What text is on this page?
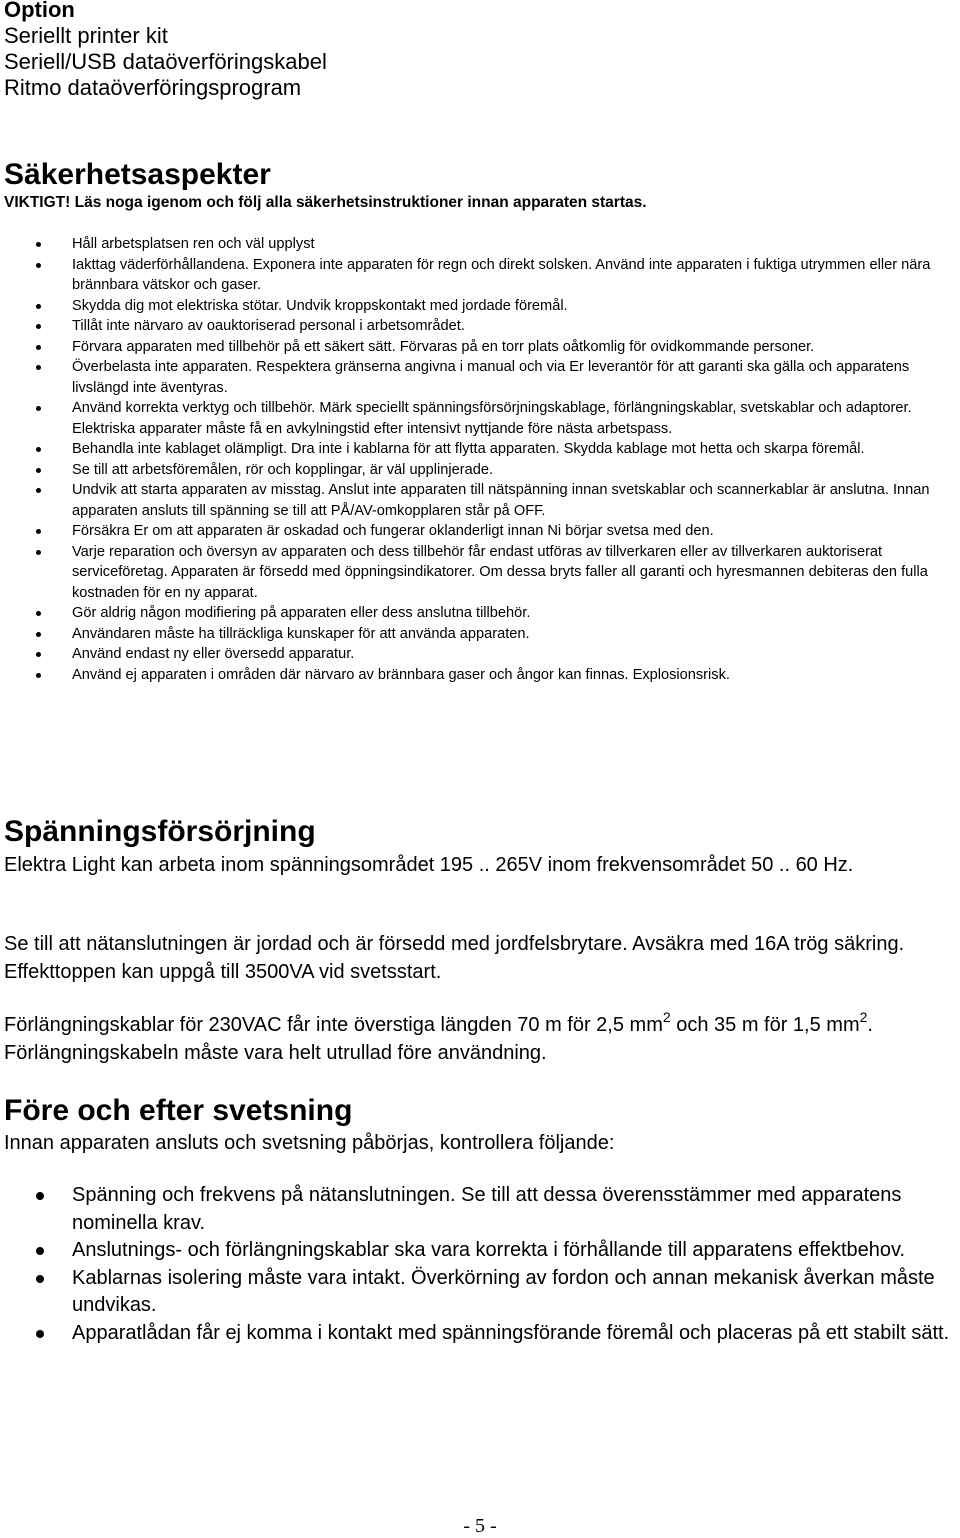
Option
Seriellt printer kit
Seriell/USB dataöverföringskabel
Ritmo dataöverföringsprogram
Säkerhetsaspekter
VIKTIGT! Läs noga igenom och följ alla säkerhetsinstruktioner innan apparaten startas.
Håll arbetsplatsen ren och väl upplyst
Iakttag väderförhållandena. Exponera inte apparaten för regn och direkt solsken. Använd inte apparaten i fuktiga utrymmen eller nära brännbara vätskor och gaser.
Skydda dig mot elektriska stötar. Undvik kroppskontakt med jordade föremål.
Tillåt inte närvaro av oauktoriserad personal i arbetsområdet.
Förvara apparaten med tillbehör på ett säkert sätt. Förvaras på en torr plats oåtkomlig för ovidkommande personer.
Överbelasta inte apparaten. Respektera gränserna angivna i manual och via Er leverantör för att garanti ska gälla och apparatens livslängd inte äventyras.
Använd korrekta verktyg och tillbehör. Märk speciellt spänningsförsörjningskablage, förlängningskablar, svetskablar och adaptorer. Elektriska apparater måste få en avkylningstid efter intensivt nyttjande före nästa arbetspass.
Behandla inte kablaget olämpligt. Dra inte i kablarna för att flytta apparaten. Skydda kablage mot hetta och skarpa föremål.
Se till att arbetsföremålen, rör och kopplingar, är väl upplinjerade.
Undvik att starta apparaten av misstag. Anslut inte apparaten till nätspänning innan svetskablar och scannerkablar är anslutna. Innan apparaten ansluts till spänning se till att PÅ/AV-omkopplaren står på OFF.
Försäkra Er om att apparaten är oskadad och fungerar oklanderligt innan Ni börjar svetsa med den.
Varje reparation och översyn av apparaten och dess tillbehör får endast utföras av tillverkaren eller av tillverkaren auktoriserat serviceföretag. Apparaten är försedd med öppningsindikatorer. Om dessa bryts faller all garanti och hyresmannen debiteras den fulla kostnaden för en ny apparat.
Gör aldrig någon modifiering på apparaten eller dess anslutna tillbehör.
Användaren måste ha tillräckliga kunskaper för att använda apparaten.
Använd endast ny eller översedd apparatur.
Använd ej apparaten i områden där närvaro av brännbara gaser och ångor kan finnas. Explosionsrisk.
Spänningsförsörjning
Elektra Light kan arbeta inom spänningsområdet 195 .. 265V inom frekvensområdet 50 .. 60 Hz.
Se till att nätanslutningen är jordad och är försedd med jordfelsbrytare. Avsäkra med 16A trög säkring. Effekttoppen kan uppgå till 3500VA vid svetsstart.
Förlängningskablar för 230VAC får inte överstiga längden 70 m för 2,5 $mm^2$ och 35 m för 1,5 $mm^2$. Förlängningskabeln måste vara helt utrullad före användning.
Före och efter svetsning
Innan apparaten ansluts och svetsning påbörjas, kontrollera följande:
Spänning och frekvens på nätanslutningen. Se till att dessa överensstämmer med apparatens nominella krav.
Anslutnings- och förlängningskablar ska vara korrekta i förhållande till apparatens effektbehov.
Kablarnas isolering måste vara intakt. Överkörning av fordon och annan mekanisk åverkan måste undvikas.
Apparatlådan får ej komma i kontakt med spänningsförande föremål och placeras på ett stabilt sätt.
- 5 -
